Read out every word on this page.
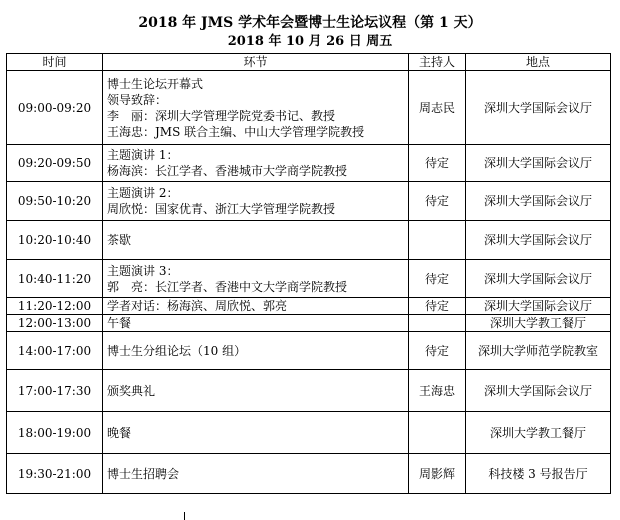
2018 年 JMS 学术年会暨博士生论坛议程（第 1 天）
2018 年 10 月 26 日 周五
时间	环节	主持人	地点
09:00-09:20	博士生论坛开幕式
领导致辞：
李　丽：深圳大学管理学院党委书记、教授
王海忠：JMS 联合主编、中山大学管理学院教授	周志民	深圳大学国际会议厅
09:20-09:50	主题演讲 1：
杨海滨：长江学者、香港城市大学商学院教授	待定	深圳大学国际会议厅
09:50-10:20	主题演讲 2：
周欣悦：国家优青、浙江大学管理学院教授	待定	深圳大学国际会议厅
10:20-10:40	茶歇		深圳大学国际会议厅
10:40-11:20	主题演讲 3：
郭　亮：长江学者、香港中文大学商学院教授	待定	深圳大学国际会议厅
11:20-12:00	学者对话：杨海滨、周欣悦、郭亮	待定	深圳大学国际会议厅
12:00-13:00	午餐		深圳大学教工餐厅
14:00-17:00	博士生分组论坛（10 组）	待定	深圳大学师范学院教室
17:00-17:30	颁奖典礼	王海忠	深圳大学国际会议厅
18:00-19:00	晚餐		深圳大学教工餐厅
19:30-21:00	博士生招聘会	周影辉	科技楼 3 号报告厅
